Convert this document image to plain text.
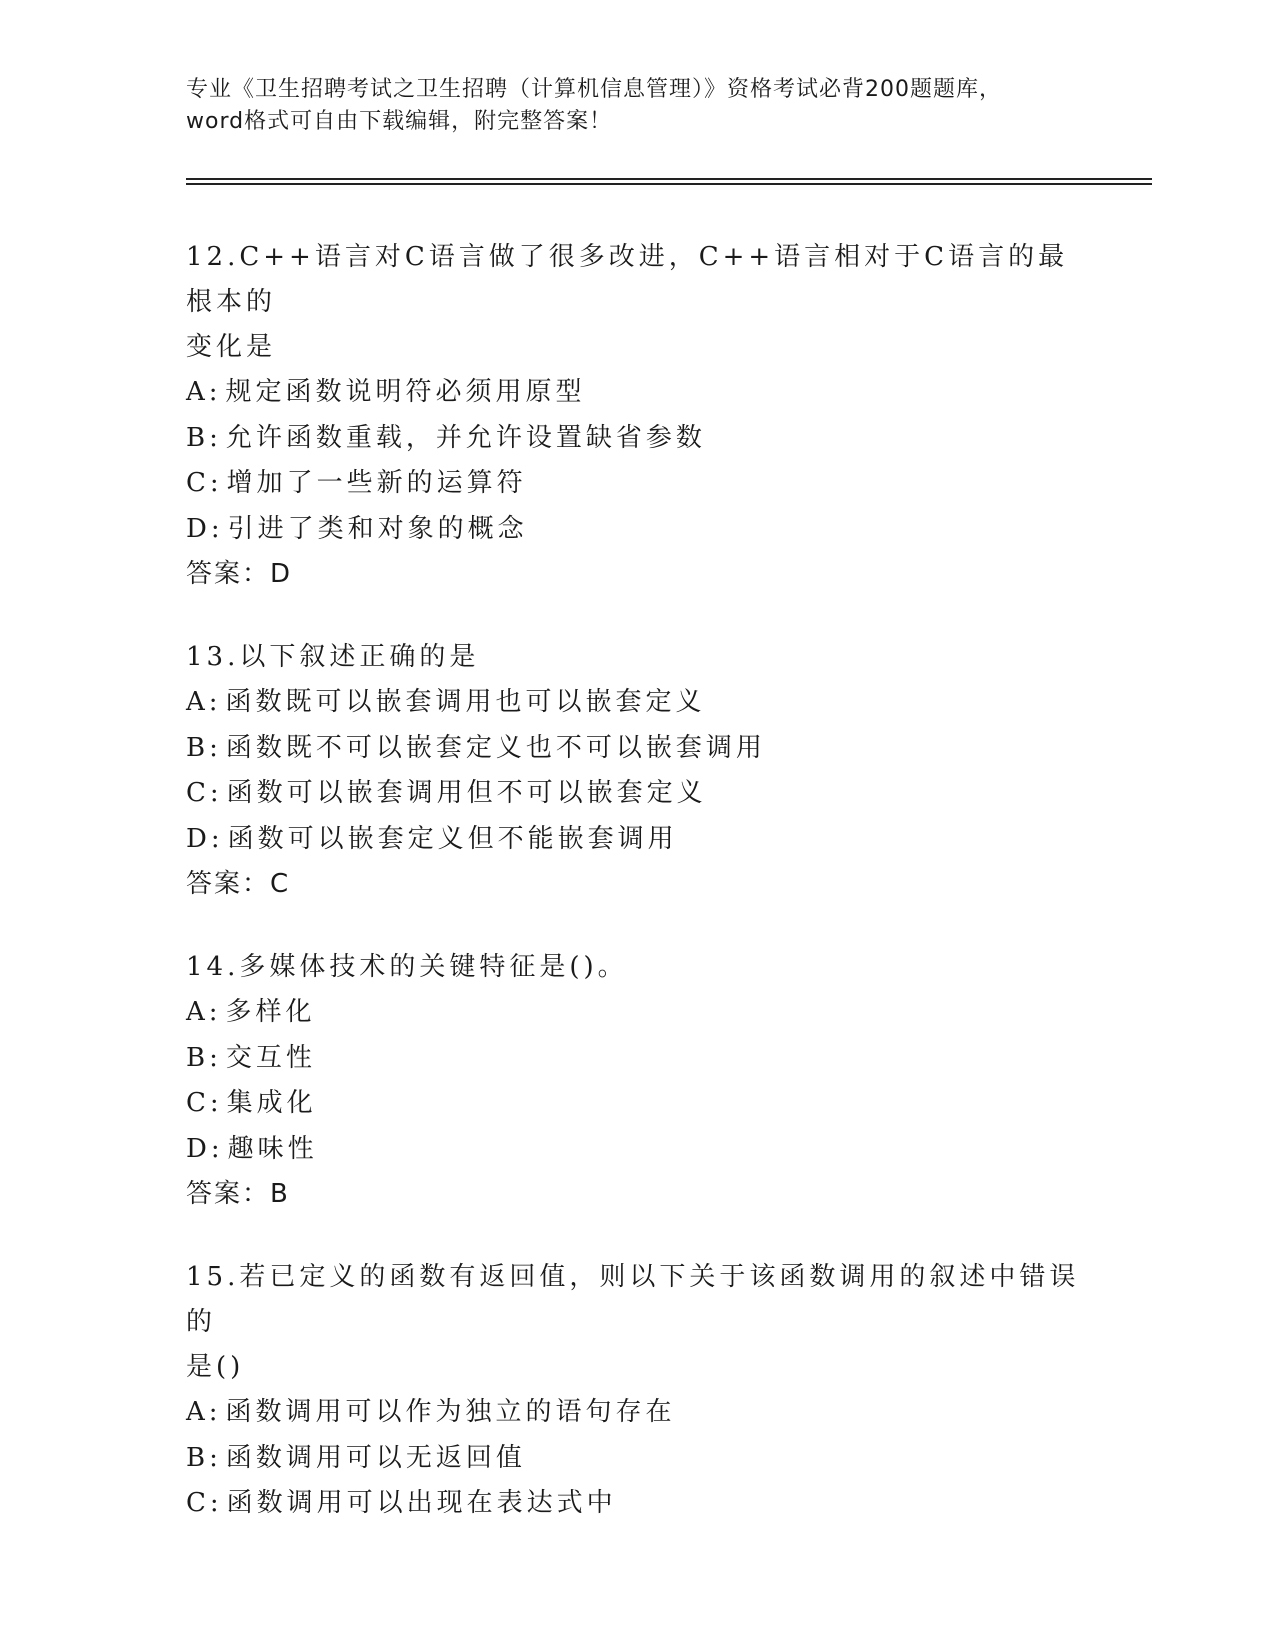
专业《卫生招聘考试之卫生招聘（计算机信息管理）》资格考试必背200题题库，
word格式可自由下载编辑，附完整答案！
12.C++语言对C语言做了很多改进，C++语言相对于C语言的最根本的
变化是
A: 规定函数说明符必须用原型
B: 允许函数重载，并允许设置缺省参数
C: 增加了一些新的运算符
D: 引进了类和对象的概念
答案：D
13.以下叙述正确的是
A: 函数既可以嵌套调用也可以嵌套定义
B: 函数既不可以嵌套定义也不可以嵌套调用
C: 函数可以嵌套调用但不可以嵌套定义
D: 函数可以嵌套定义但不能嵌套调用
答案：C
14.多媒体技术的关键特征是()。
A: 多样化
B: 交互性
C: 集成化
D: 趣味性
答案：B
15.若已定义的函数有返回值，则以下关于该函数调用的叙述中错误的
是()
A: 函数调用可以作为独立的语句存在
B: 函数调用可以无返回值
C: 函数调用可以出现在表达式中
